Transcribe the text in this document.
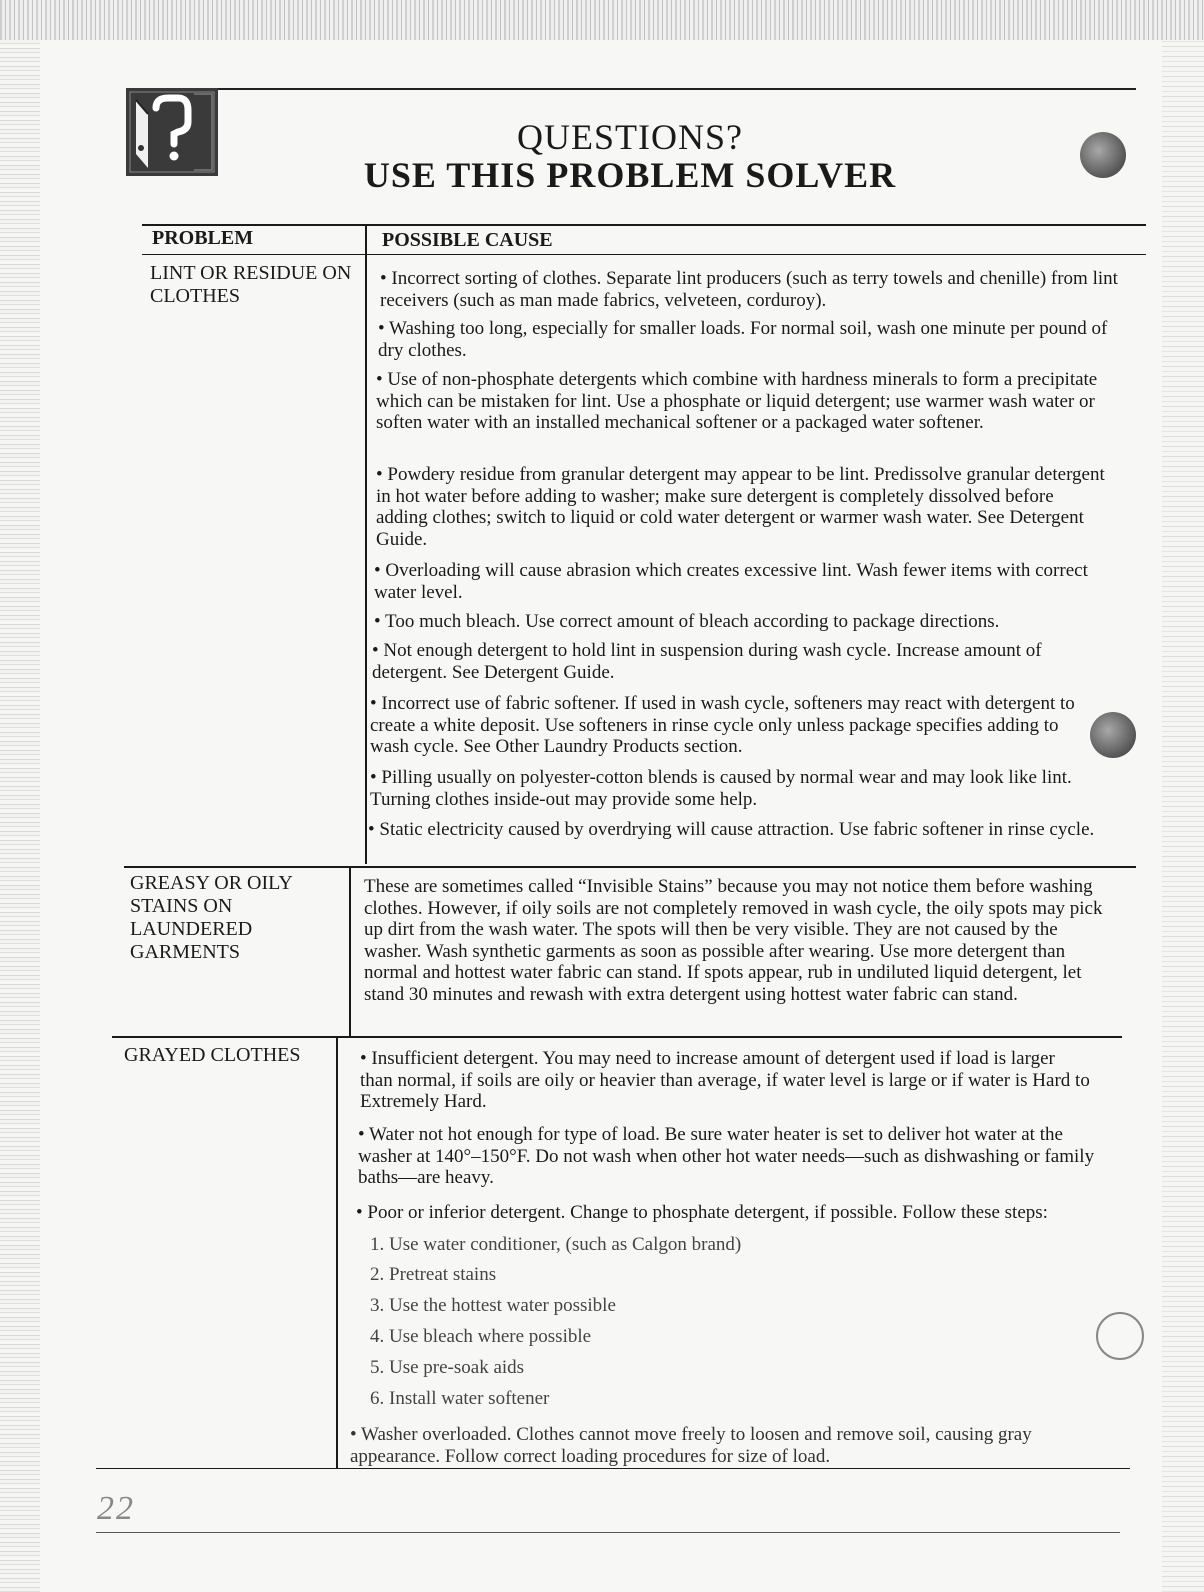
QUESTIONS?
USE THIS PROBLEM SOLVER
PROBLEM	POSSIBLE CAUSE
LINT OR RESIDUE ON CLOTHES
• Incorrect sorting of clothes. Separate lint producers (such as terry towels and chenille) from lint receivers (such as man made fabrics, velveteen, corduroy).
• Washing too long, especially for smaller loads. For normal soil, wash one minute per pound of dry clothes.
• Use of non-phosphate detergents which combine with hardness minerals to form a precipitate which can be mistaken for lint. Use a phosphate or liquid detergent; use warmer wash water or soften water with an installed mechanical softener or a packaged water softener.
• Powdery residue from granular detergent may appear to be lint. Predissolve granular detergent in hot water before adding to washer; make sure detergent is completely dissolved before adding clothes; switch to liquid or cold water detergent or warmer wash water. See Detergent Guide.
• Overloading will cause abrasion which creates excessive lint. Wash fewer items with correct water level.
• Too much bleach. Use correct amount of bleach according to package directions.
• Not enough detergent to hold lint in suspension during wash cycle. Increase amount of detergent. See Detergent Guide.
• Incorrect use of fabric softener. If used in wash cycle, softeners may react with detergent to create a white deposit. Use softeners in rinse cycle only unless package specifies adding to wash cycle. See Other Laundry Products section.
• Pilling usually on polyester-cotton blends is caused by normal wear and may look like lint. Turning clothes inside-out may provide some help.
• Static electricity caused by overdrying will cause attraction. Use fabric softener in rinse cycle.
GREASY OR OILY STAINS ON LAUNDERED GARMENTS
These are sometimes called “Invisible Stains” because you may not notice them before washing clothes. However, if oily soils are not completely removed in wash cycle, the oily spots may pick up dirt from the wash water. The spots will then be very visible. They are not caused by the washer. Wash synthetic garments as soon as possible after wearing. Use more detergent than normal and hottest water fabric can stand. If spots appear, rub in undiluted liquid detergent, let stand 30 minutes and rewash with extra detergent using hottest water fabric can stand.
GRAYED CLOTHES	• Insufficient detergent. You may need to increase amount of detergent used if load is larger than normal, if soils are oily or heavier than average, if water level is large or if water is Hard to Extremely Hard.
• Water not hot enough for type of load. Be sure water heater is set to deliver hot water at the washer at 140°–150°F. Do not wash when other hot water needs—such as dishwashing or family baths—are heavy.
• Poor or inferior detergent. Change to phosphate detergent, if possible. Follow these steps:
1. Use water conditioner, (such as Calgon brand)
2. Pretreat stains
3. Use the hottest water possible
4. Use bleach where possible
5. Use pre-soak aids
6. Install water softener
• Washer overloaded. Clothes cannot move freely to loosen and remove soil, causing gray appearance. Follow correct loading procedures for size of load.
22
